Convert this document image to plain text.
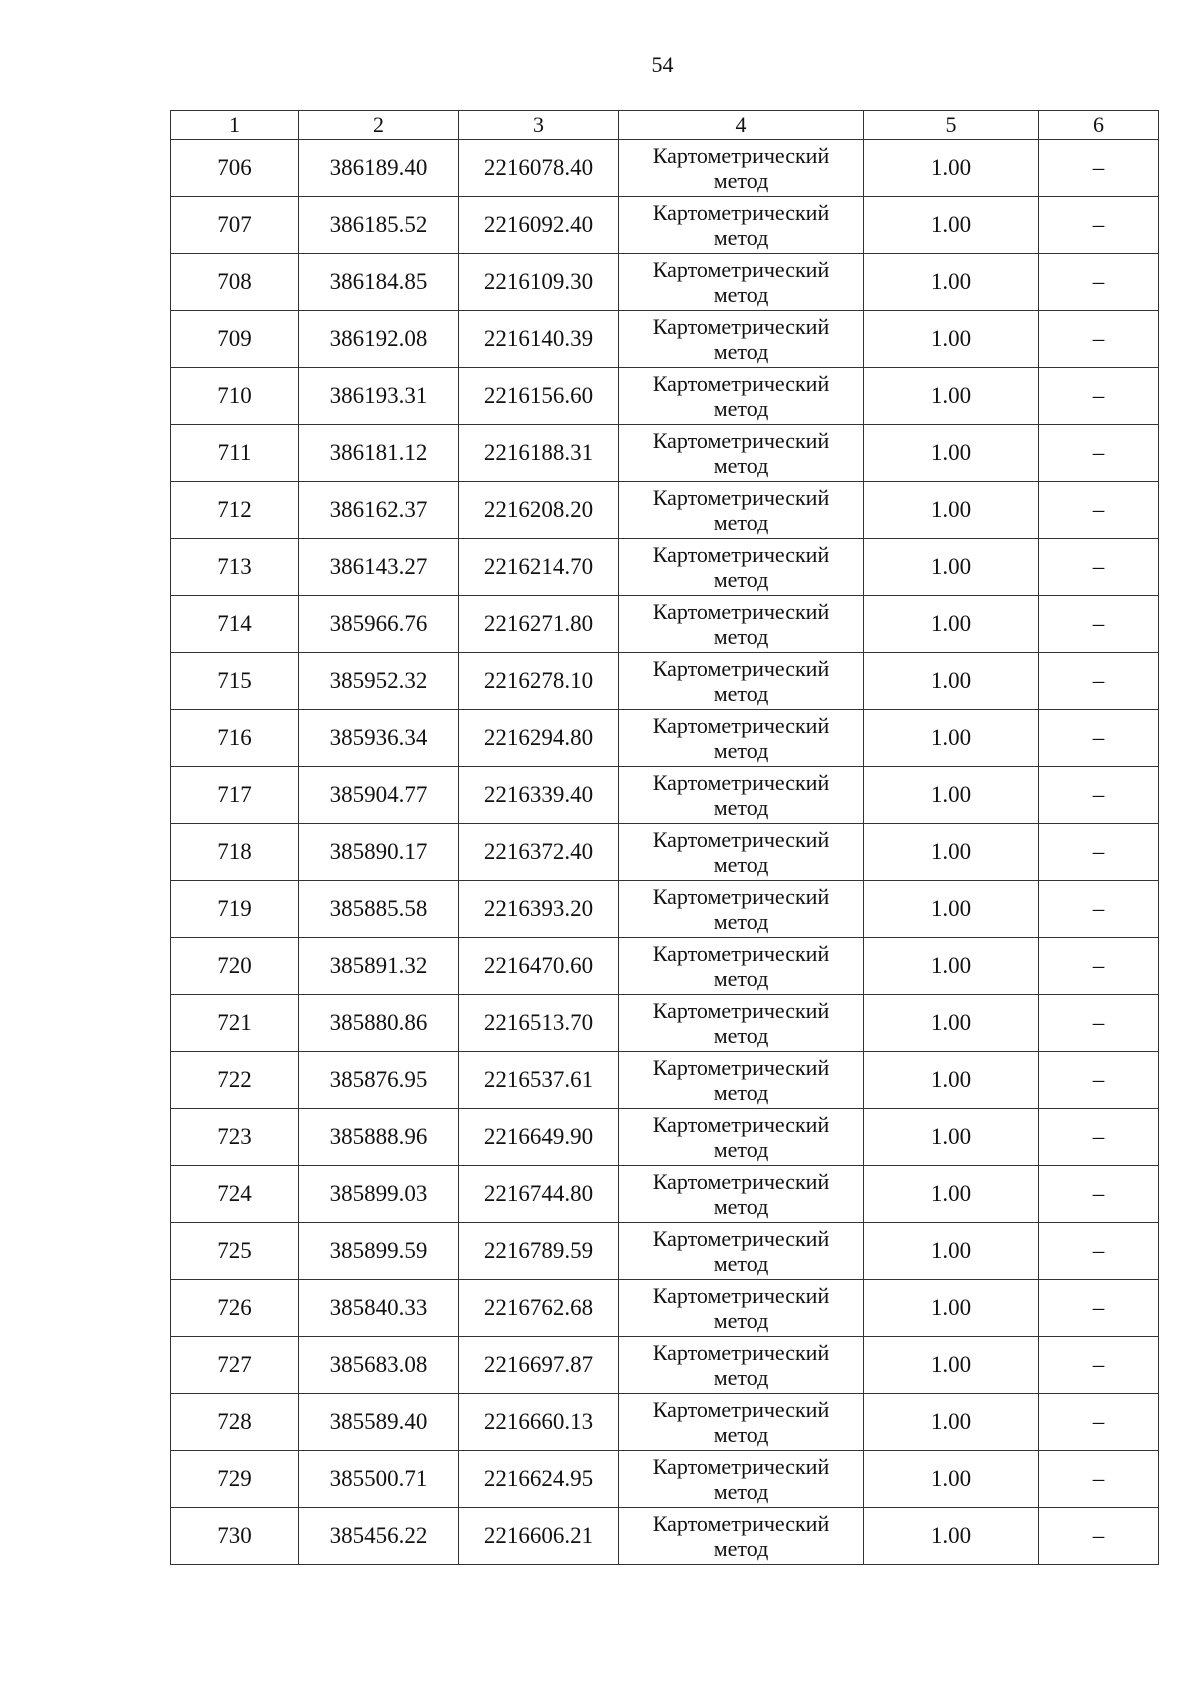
54
1	2	3	4	5	6
706	386189.40	2216078.40	Картометрический
метод	1.00	–
707	386185.52	2216092.40	Картометрический
метод	1.00	–
708	386184.85	2216109.30	Картометрический
метод	1.00	–
709	386192.08	2216140.39	Картометрический
метод	1.00	–
710	386193.31	2216156.60	Картометрический
метод	1.00	–
711	386181.12	2216188.31	Картометрический
метод	1.00	–
712	386162.37	2216208.20	Картометрический
метод	1.00	–
713	386143.27	2216214.70	Картометрический
метод	1.00	–
714	385966.76	2216271.80	Картометрический
метод	1.00	–
715	385952.32	2216278.10	Картометрический
метод	1.00	–
716	385936.34	2216294.80	Картометрический
метод	1.00	–
717	385904.77	2216339.40	Картометрический
метод	1.00	–
718	385890.17	2216372.40	Картометрический
метод	1.00	–
719	385885.58	2216393.20	Картометрический
метод	1.00	–
720	385891.32	2216470.60	Картометрический
метод	1.00	–
721	385880.86	2216513.70	Картометрический
метод	1.00	–
722	385876.95	2216537.61	Картометрический
метод	1.00	–
723	385888.96	2216649.90	Картометрический
метод	1.00	–
724	385899.03	2216744.80	Картометрический
метод	1.00	–
725	385899.59	2216789.59	Картометрический
метод	1.00	–
726	385840.33	2216762.68	Картометрический
метод	1.00	–
727	385683.08	2216697.87	Картометрический
метод	1.00	–
728	385589.40	2216660.13	Картометрический
метод	1.00	–
729	385500.71	2216624.95	Картометрический
метод	1.00	–
730	385456.22	2216606.21	Картометрический
метод	1.00	–
